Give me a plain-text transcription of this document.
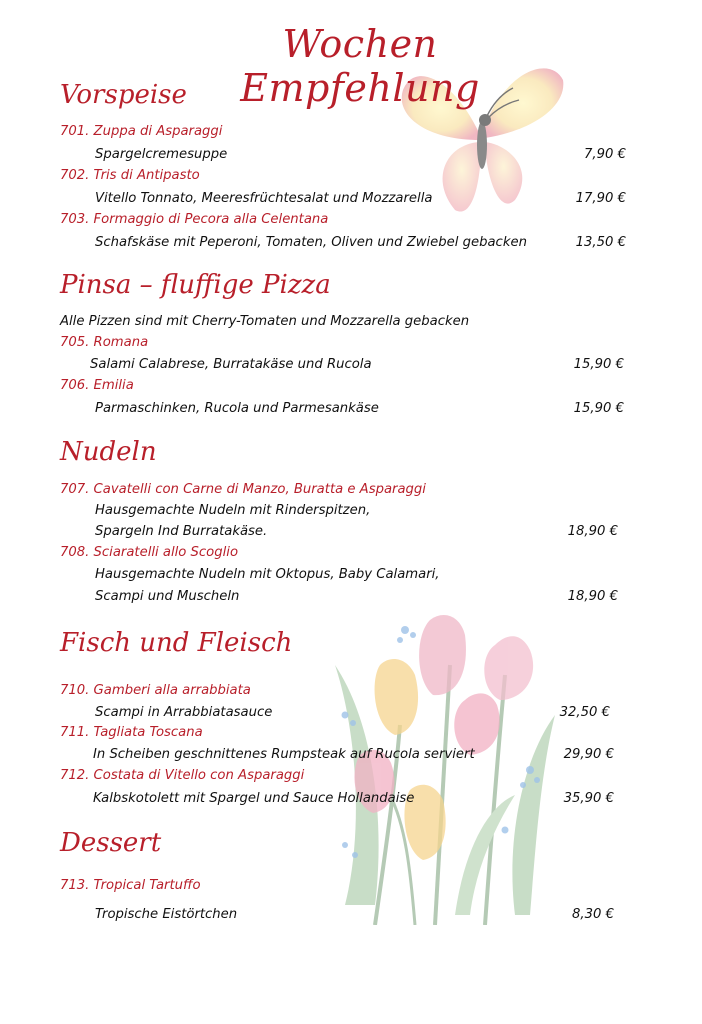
Wochen Empfehlung
Vorspeise

701. Zuppa di Asparaggi

Spargelcremesuppe	7,90 €

702. Tris di Antipasto

Vitello Tonnato, Meeresfrüchtesalat und Mozzarella	17,90 €

703. Formaggio di Pecora alla Celentana

Schafskäse mit Peperoni, Tomaten, Oliven und Zwiebel gebacken	13,50 €
Pinsa – fluffige Pizza

Alle Pizzen sind mit Cherry-Tomaten und Mozzarella gebacken

705. Romana

Salami Calabrese, Burratakäse und Rucola	15,90 €

706. Emilia

Parmaschinken, Rucola und Parmesankäse	15,90 €
Nudeln

707. Cavatelli con Carne di Manzo, Buratta e Asparaggi

Hausgemachte Nudeln mit Rinderspitzen,

Spargeln Ind Burratakäse.	18,90 €

708. Sciaratelli allo Scoglio

Hausgemachte Nudeln mit Oktopus, Baby Calamari,

Scampi und Muscheln	18,90 €
Fisch und Fleisch

710. Gamberi alla arrabbiata

Scampi in Arrabbiatasauce	32,50 €

711. Tagliata Toscana

In Scheiben geschnittenes Rumpsteak auf Rucola serviert	29,90 €

712. Costata di Vitello con Asparaggi

Kalbskotolett mit Spargel und Sauce Hollandaise	35,90 €
Dessert

713. Tropical Tartuffo

Tropische Eistörtchen	8,30 €
